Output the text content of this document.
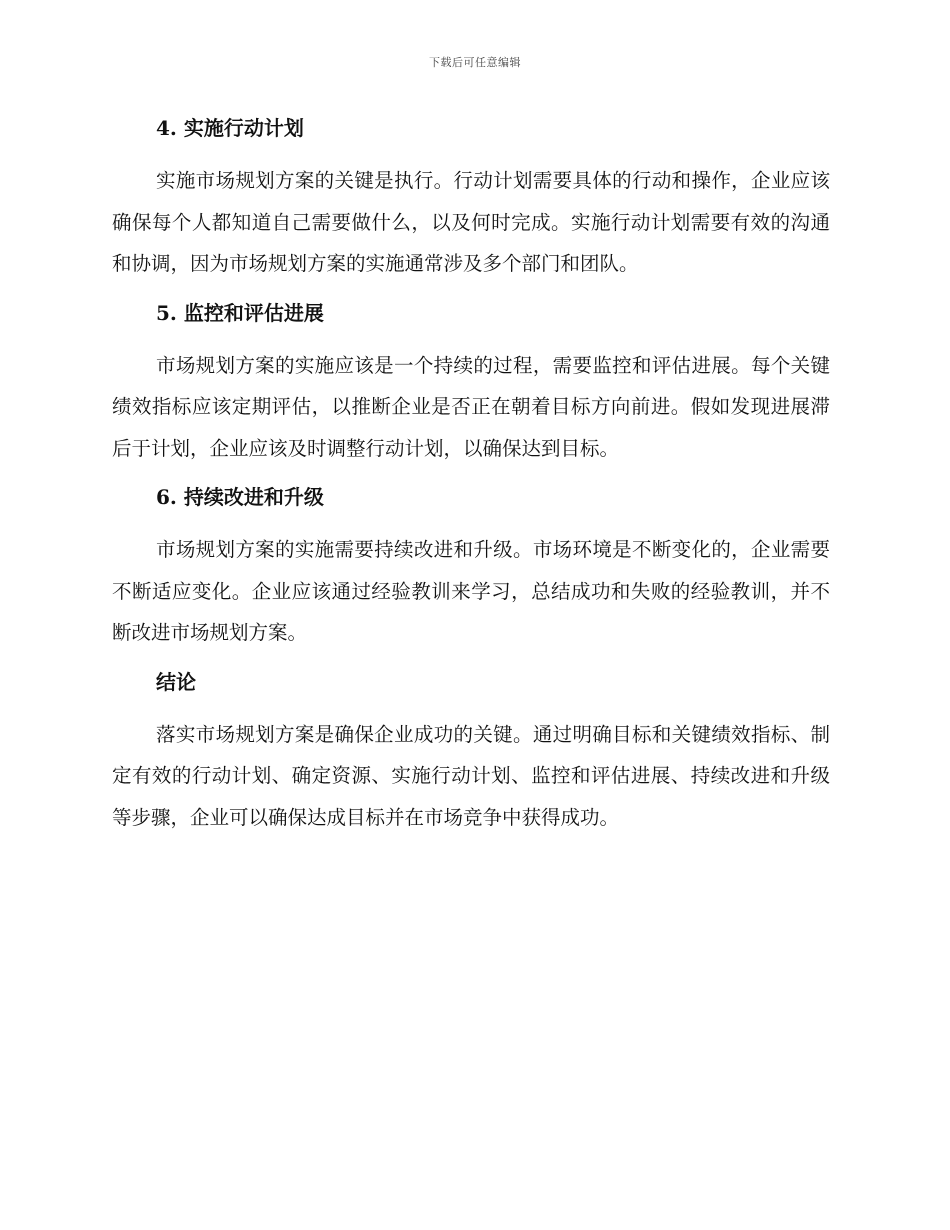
下载后可任意编辑
4. 实施行动计划

实施市场规划方案的关键是执行。行动计划需要具体的行动和操作，企业应该确保每个人都知道自己需要做什么，以及何时完成。实施行动计划需要有效的沟通和协调，因为市场规划方案的实施通常涉及多个部门和团队。

5. 监控和评估进展

市场规划方案的实施应该是一个持续的过程，需要监控和评估进展。每个关键绩效指标应该定期评估，以推断企业是否正在朝着目标方向前进。假如发现进展滞后于计划，企业应该及时调整行动计划，以确保达到目标。

6. 持续改进和升级

市场规划方案的实施需要持续改进和升级。市场环境是不断变化的，企业需要不断适应变化。企业应该通过经验教训来学习，总结成功和失败的经验教训，并不断改进市场规划方案。

结论

落实市场规划方案是确保企业成功的关键。通过明确目标和关键绩效指标、制定有效的行动计划、确定资源、实施行动计划、监控和评估进展、持续改进和升级等步骤，企业可以确保达成目标并在市场竞争中获得成功。
